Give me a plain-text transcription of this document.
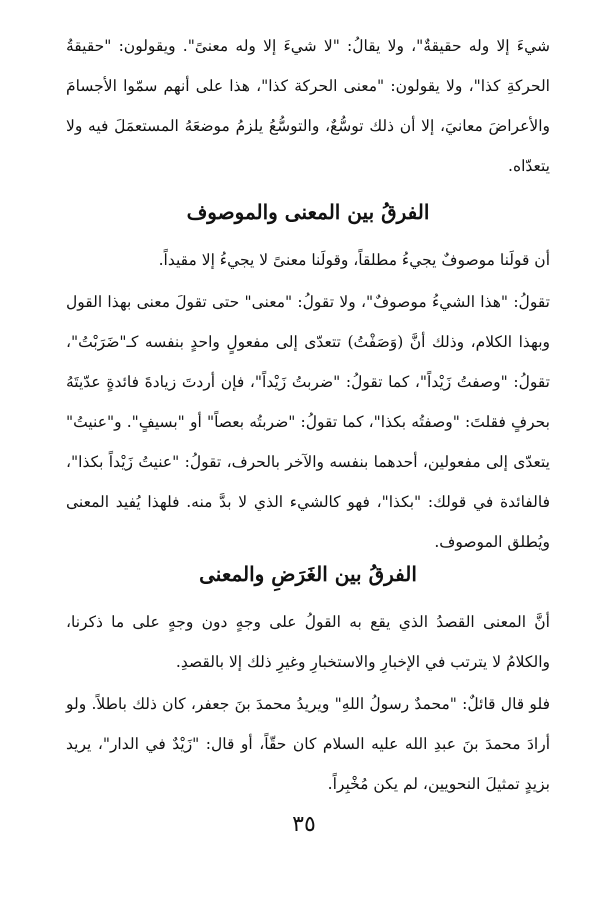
شيءَ إلا وله حقيقةٌ"، ولا يقالُ: "لا شيءَ إلا وله معنىً". ويقولون: "حقيقةُ الحركةِ كذا"، ولا يقولون: "معنى الحركة كذا"، هذا على أنهم سمّوا الأجسامَ والأعراضَ معانيَ، إلا أن ذلك توسُّعٌ، والتوسُّعُ يلزمُ موضعَهُ المستعمَلَ فيه ولا يتعدّاه.

الفرقُ بين المعنى والموصوف

أن قولَنا موصوفٌ يجيءُ مطلقاً، وقولَنا معنىً لا يجيءُ إلا مقيداً.

تقولُ: "هذا الشيءُ موصوفٌ"، ولا تقولُ: "معنى" حتى تقولَ معنى بهذا القول وبهذا الكلام، وذلك أنَّ (وَصَفْتُ) تتعدّى إلى مفعولٍ واحدٍ بنفسه كـ"ضَرَبْتُ"، تقولُ: "وصفتُ زَيْداً"، كما تقولُ: "ضربتُ زَيْداً"، فإن أردتَ زيادةَ فائدةٍ عدّيتَهُ بحرفٍ فقلتَ: "وصفتُه بكذا"، كما تقولُ: "ضربتُه بعصاً" أو "بسيفٍ". و"عنيتُ" يتعدّى إلى مفعولين، أحدهما بنفسه والآخر بالحرف، تقولُ: "عنيتُ زَيْداً بكذا"، فالفائدة في قولك: "بكذا"، فهو كالشيء الذي لا بدَّ منه. فلهذا يُفيد المعنى ويُطلق الموصوف.

الفرقُ بين الغَرَضِ والمعنى

أنَّ المعنى القصدُ الذي يقع به القولُ على وجهٍ دون وجهٍ على ما ذكرنا، والكلامُ لا يترتب في الإخبارِ والاستخبارِ وغيرِ ذلك إلا بالقصدِ.

فلو قال قائلٌ: "محمدٌ رسولُ اللهِ" ويريدُ محمدَ بنَ جعفر، كان ذلك باطلاً. ولو أرادَ محمدَ بنَ عبدِ الله عليه السلام كان حقّاً، أو قال: "زَيْدٌ في الدار"، يريد بزيدٍ تمثيلَ النحويين، لم يكن مُخْبِراً.

٣٥
